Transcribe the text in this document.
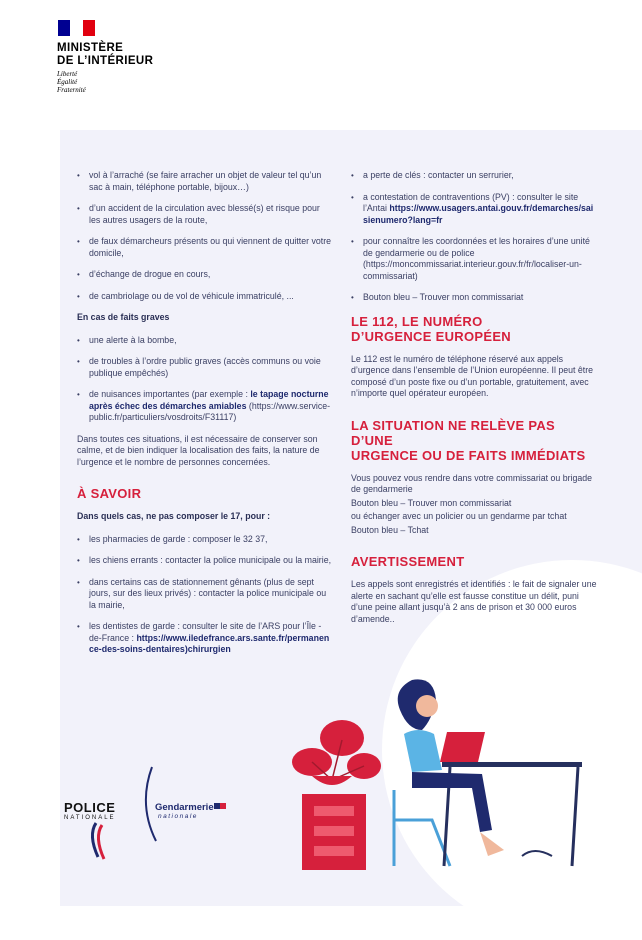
MINISTÈRE
DE L’INTÉRIEUR
Liberté
Égalité
Fraternité
• vol à l’arraché (se faire arracher un objet de valeur tel qu’un sac à main, téléphone portable, bijoux…)
• d’un accident de la circulation avec blessé(s) et risque pour les autres usagers de la route,
• de faux démarcheurs présents ou qui viennent de quitter votre domicile,
• d’échange de drogue en cours,
• de cambriolage ou de vol de véhicule immatriculé, ...

En cas de faits graves

• une alerte à la bombe,
• de troubles à l’ordre public graves (accès communs ou voie publique empêchés)
• de nuisances importantes (par exemple : le tapage nocturne après échec des démarches amiables (https://www.service-public.fr/particuliers/vosdroits/F31117)

Dans toutes ces situations, il est nécessaire de conserver son calme, et de bien indiquer la localisation des faits, la nature de l’urgence et le nombre de personnes concernées.

À SAVOIR

Dans quels cas, ne pas composer le 17, pour :

• les pharmacies de garde : composer le 32 37,
• les chiens errants : contacter la police municipale ou la mairie,
• dans certains cas de stationnement gênants (plus de sept jours, sur des lieux privés) : contacter la police municipale ou la mairie,
• les dentistes de garde : consulter le site de l’ARS pour l’Île -de-France : https://www.iledefrance.ars.sante.fr/permanence-des-soins-dentaires)chirurgien
• a perte de clés : contacter un serrurier,
• a contestation de contraventions (PV) : consulter le site l’Antai https://www.usagers.antai.gouv.fr/demarches/saisienumero?lang=fr
• pour connaître les coordonnées et les horaires d’une unité de gendarmerie ou de police (https://moncommissariat.interieur.gouv.fr/fr/localiser-un-commissariat)
• Bouton bleu – Trouver mon commissariat
LE 112, LE NUMÉRO
D’URGENCE EUROPÉEN

Le 112 est le numéro de téléphone réservé aux appels d’urgence dans l’ensemble de l’Union européenne. Il peut être composé d’un poste fixe ou d’un portable, gratuitement, avec n’importe quel opérateur européen.

LA SITUATION NE RELÈVE PAS D’UNE
URGENCE OU DE FAITS IMMÉDIATS

Vous pouvez vous rendre dans votre commissariat ou brigade de gendarmerie

Bouton bleu – Trouver mon commissariat

ou échanger avec un policier ou un gendarme par tchat

Bouton bleu – Tchat

AVERTISSEMENT

Les appels sont enregistrés et identifiés : le fait de signaler une alerte en sachant qu’elle est fausse constitue un délit, puni d’une peine allant jusqu’à 2 ans de prison et 30 000 euros d’amende..

POLICE
NATIONALE
Gendarmerie
nationale
